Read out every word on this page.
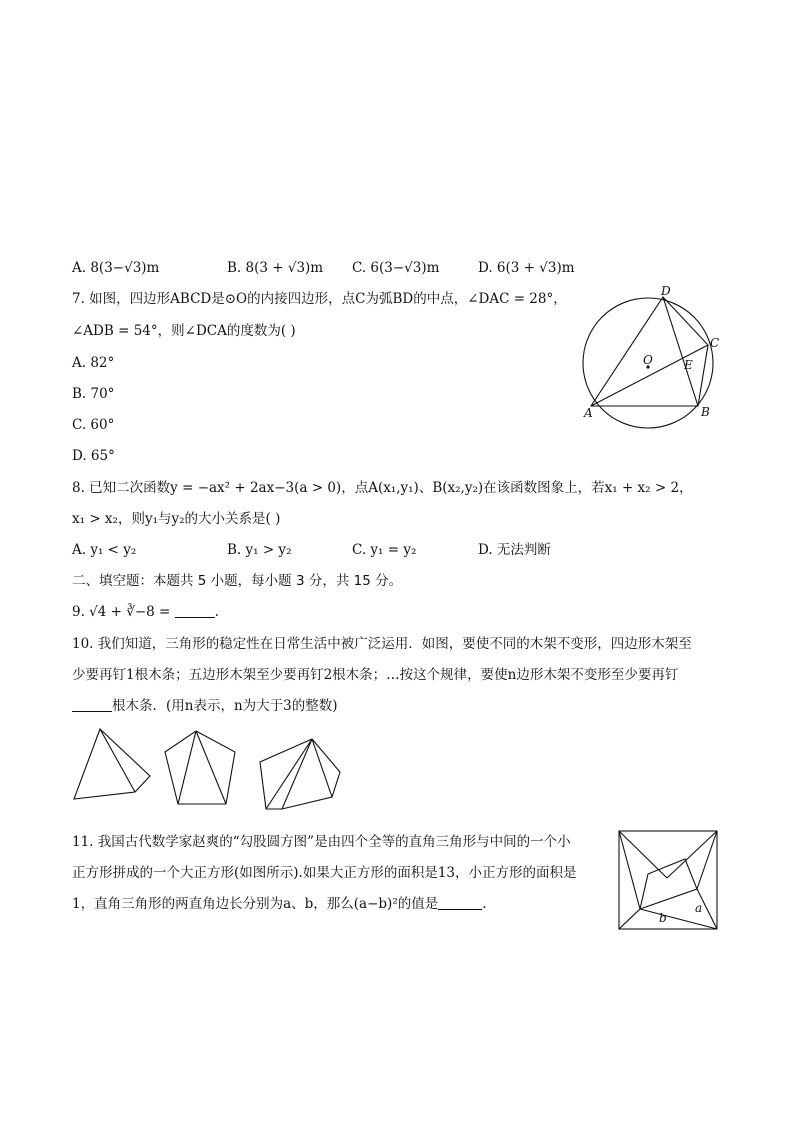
A. 8(3−√3)m	B. 8(3 + √3)m C. 6(3−√3)m	D. 6(3 + √3)m
7. 如图，四边形ABCD是⊙O的内接四边形，点C为弧BD的中点，∠DAC = 28°，
∠ADB = 54°，则∠DCA的度数为( )
A. 82°
B. 70°
C. 60°
D. 65°
O
A	B
C
D
E
8. 已知二次函数y = −ax² + 2ax−3(a > 0)，点A(x₁,y₁)、B(x₂,y₂)在该函数图象上，若x₁ + x₂ > 2，
x₁ > x₂，则y₁与y₂的大小关系是( )
A. y₁ < y₂	B. y₁ > y₂	C. y₁ = y₂	D. 无法判断
二、填空题：本题共 5 小题，每小题 3 分，共 15 分。
9. √4 + ∛−8 =	.
10. 我们知道，三角形的稳定性在日常生活中被广泛运用．如图，要使不同的木架不变形，四边形木架至
少要再钉1根木条；五边形木架至少要再钉2根木条；…按这个规律，要使n边形木架不变形至少要再钉
根木条．(用n表示，n为大于3的整数)
11. 我国古代数学家赵爽的“勾股圆方图”是由四个全等的直角三角形与中间的一个小
正方形拼成的一个大正方形(如图所示).如果大正方形的面积是13，小正方形的面积是
1，直角三角形的两直角边长分别为a、b，那么(a−b)²的值是	.	a
b
